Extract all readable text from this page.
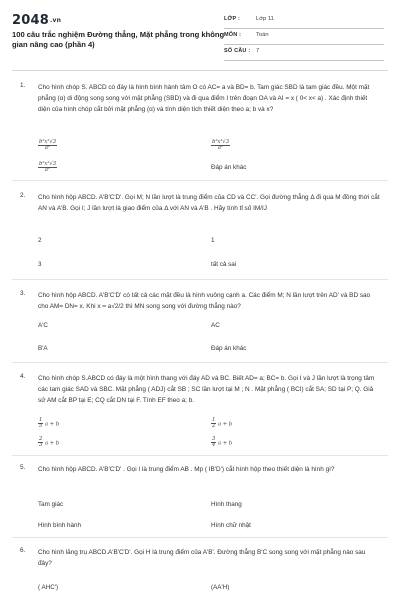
2048.vn
100 câu trắc nghiệm Đường thẳng, Mặt phẳng trong không gian nâng cao (phần 4)
LỚP :	Lớp 11
MÔN :	Toán
SỐ CÂU : 7
1. Cho hình chóp S. ABCD có đáy là hình bình hành tâm O có AC= a và BD= b. Tam giác SBD là tam giác đều. Một mặt phẳng (α) di động song song với mặt phẳng (SBD) và đi qua điểm I trên đoạn OA và AI = x ( 0< x< a) . Xác định thiết diện của hình chóp cắt bởi mặt phẳng (α) và tính diện tích thiết diện theo a; b và x?
$\frac{\text{b²x²√3}}{\text{a²}}$	$\frac{\text{b²x²√3}}{\text{a²}}$
$\frac{\text{b²x²√3}}{\text{a²}}$	Đáp án khác
2. Cho hình hộp ABCD. A'B'C'D'. Gọi M; N lần lượt là trung điểm của CD và CC'. Gọi đường thẳng Δ đi qua M đồng thời cắt AN và A'B. Gọi I; J lần lượt là giao điểm của Δ với AN và A'B . Hãy tính tỉ số IM/IJ
2	1
3	tất cả sai
3. Cho hình hộp ABCD. A'B'C'D' có tất cả các mặt đều là hình vuông cạnh a. Các điểm M; N lần lượt trên AD' và BD sao cho AM= DN= x. Khi x = a√2/2 thì MN song song với đường thẳng nào?
A'C	AC
B'A	Đáp án khác
4. Cho hình chóp S.ABCD có đáy là một hình thang với đáy AD và BC. Biết AD= a; BC= b. Gọi I và J lần lượt là trọng tâm các tam giác SAD và SBC. Mặt phẳng ( ADJ) cắt SB ; SC lần lượt tại M ; N . Mặt phẳng ( BCI) cắt SA; SD tại P; Q. Giả sử AM cắt BP tại E; CQ cắt DN tại F. Tính EF theo a; b.
$\frac{1}{5}$ a + b	$\frac{1}{2}$ a + b
$\frac{2}{3}$ a + b	$\frac{3}{4}$ a + b
5. Cho hình hộp ABCD. A'B'C'D' . Gọi I là trung điểm AB . Mp ( IB'D') cắt hình hộp theo thiết diện là hình gì?
Tam giác	Hình thang
Hình bình hành	Hình chữ nhật
6. Cho hình lăng trụ ABCD.A'B'C'D'. Gọi H là trung điểm của A'B'. Đường thẳng B'C song song với mặt phẳng nào sau đây?
( AHC')	(AA'H)
